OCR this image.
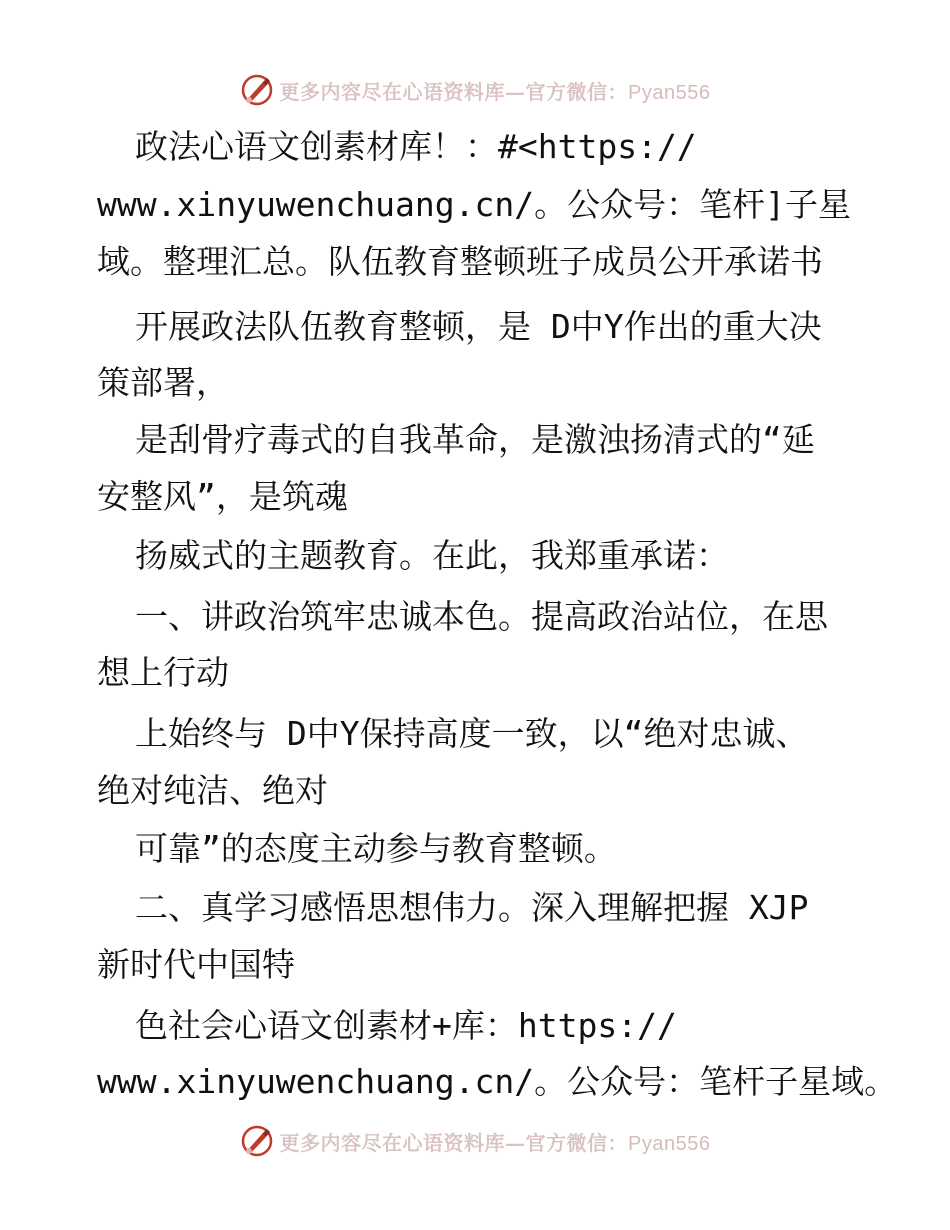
更多内容尽在心语资料库—官方微信：Pyan556
政法心语文创素材库！：#<https://
www.xinyuwenchuang.cn/。公众号：笔杆]子星
域。整理汇总。队伍教育整顿班子成员公开承诺书
开展政法队伍教育整顿，是 D中Y作出的重大决
策部署，
是刮骨疗毒式的自我革命，是激浊扬清式的“延
安整风”，是筑魂
扬威式的主题教育。在此，我郑重承诺：
一、讲政治筑牢忠诚本色。提高政治站位，在思
想上行动
上始终与 D中Y保持高度一致，以“绝对忠诚、
绝对纯洁、绝对
可靠”的态度主动参与教育整顿。
二、真学习感悟思想伟力。深入理解把握 XJP
新时代中国特
色社会心语文创素材+库：https://
www.xinyuwenchuang.cn/。公众号：笔杆子星域。
更多内容尽在心语资料库—官方微信：Pyan556
